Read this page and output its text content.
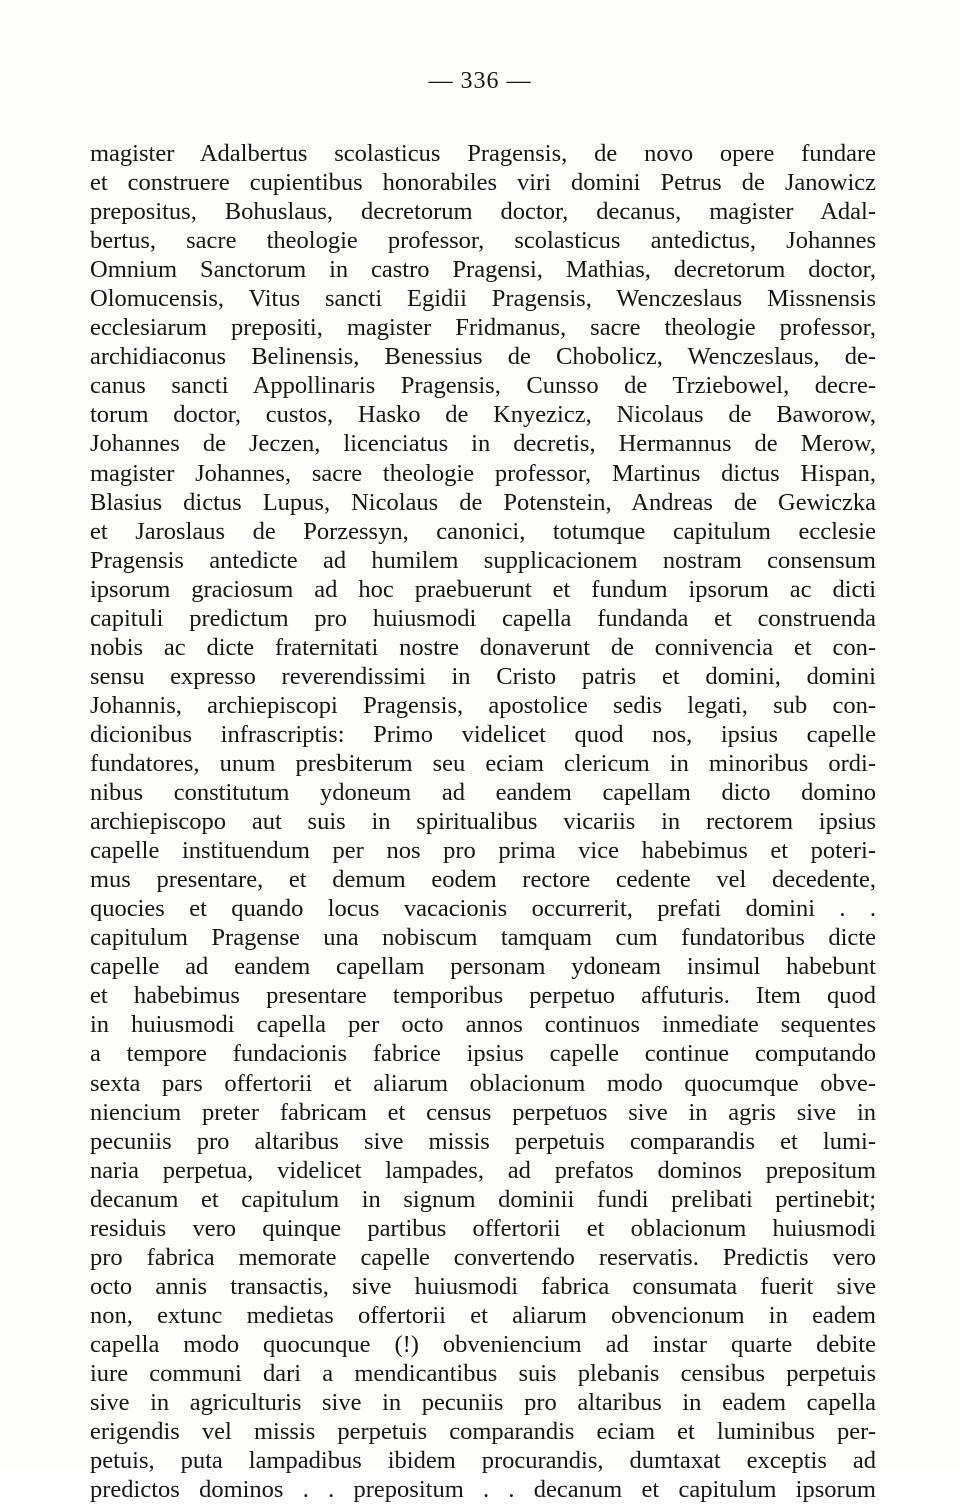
— 336 —
magister Adalbertus scolasticus Pragensis, de novo opere fundare
et construere cupientibus honorabiles viri domini Petrus de Janowicz
prepositus, Bohuslaus, decretorum doctor, decanus, magister Adal-
bertus, sacre theologie professor, scolasticus antedictus, Johannes
Omnium Sanctorum in castro Pragensi, Mathias, decretorum doctor,
Olomucensis, Vitus sancti Egidii Pragensis, Wenczeslaus Missnensis
ecclesiarum prepositi, magister Fridmanus, sacre theologie professor,
archidiaconus Belinensis, Benessius de Chobolicz, Wenczeslaus, de-
canus sancti Appollinaris Pragensis, Cunsso de Trziebowel, decre-
torum doctor, custos, Hasko de Knyezicz, Nicolaus de Baworow,
Johannes de Jeczen, licenciatus in decretis, Hermannus de Merow,
magister Johannes, sacre theologie professor, Martinus dictus Hispan,
Blasius dictus Lupus, Nicolaus de Potenstein, Andreas de Gewiczka
et Jaroslaus de Porzessyn, canonici, totumque capitulum ecclesie
Pragensis antedicte ad humilem supplicacionem nostram consensum
ipsorum graciosum ad hoc praebuerunt et fundum ipsorum ac dicti
capituli predictum pro huiusmodi capella fundanda et construenda
nobis ac dicte fraternitati nostre donaverunt de connivencia et con-
sensu expresso reverendissimi in Cristo patris et domini, domini
Johannis, archiepiscopi Pragensis, apostolice sedis legati, sub con-
dicionibus infrascriptis: Primo videlicet quod nos, ipsius capelle
fundatores, unum presbiterum seu eciam clericum in minoribus ordi-
nibus constitutum ydoneum ad eandem capellam dicto domino
archiepiscopo aut suis in spiritualibus vicariis in rectorem ipsius
capelle instituendum per nos pro prima vice habebimus et poteri-
mus presentare, et demum eodem rectore cedente vel decedente,
quocies et quando locus vacacionis occurrerit, prefati domini . .
capitulum Pragense una nobiscum tamquam cum fundatoribus dicte
capelle ad eandem capellam personam ydoneam insimul habebunt
et habebimus presentare temporibus perpetuo affuturis. Item quod
in huiusmodi capella per octo annos continuos inmediate sequentes
a tempore fundacionis fabrice ipsius capelle continue computando
sexta pars offertorii et aliarum oblacionum modo quocumque obve-
niencium preter fabricam et census perpetuos sive in agris sive in
pecuniis pro altaribus sive missis perpetuis comparandis et lumi-
naria perpetua, videlicet lampades, ad prefatos dominos prepositum
decanum et capitulum in signum dominii fundi prelibati pertinebit;
residuis vero quinque partibus offertorii et oblacionum huiusmodi
pro fabrica memorate capelle convertendo reservatis. Predictis vero
octo annis transactis, sive huiusmodi fabrica consumata fuerit sive
non, extunc medietas offertorii et aliarum obvencionum in eadem
capella modo quocunque (!) obveniencium ad instar quarte debite
iure communi dari a mendicantibus suis plebanis censibus perpetuis
sive in agriculturis sive in pecuniis pro altaribus in eadem capella
erigendis vel missis perpetuis comparandis eciam et luminibus per-
petuis, puta lampadibus ibidem procurandis, dumtaxat exceptis ad
predictos dominos . . prepositum . . decanum et capitulum ipsorum
